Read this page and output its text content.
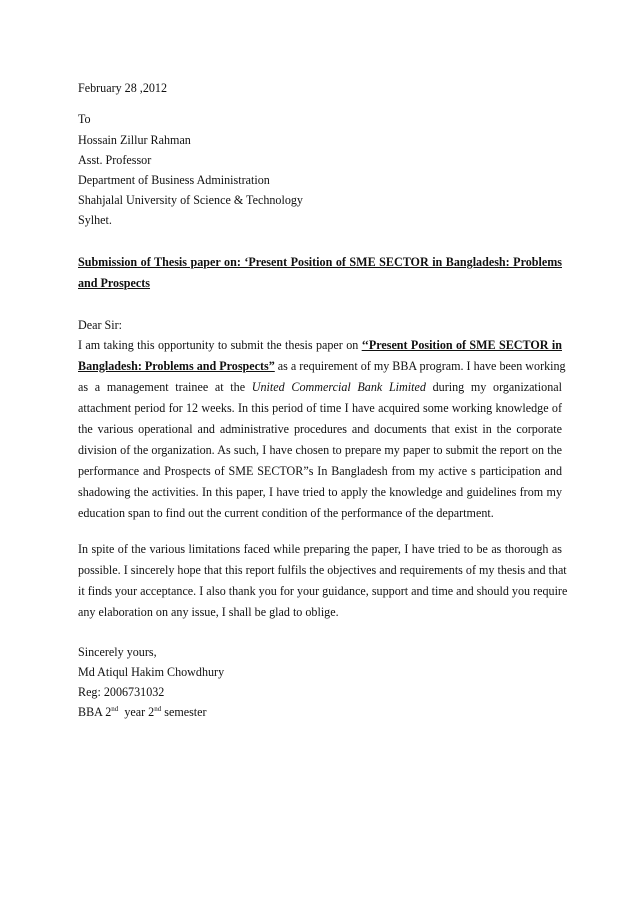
February 28 ,2012
To
Hossain Zillur Rahman
Asst. Professor
Department of Business Administration
Shahjalal University of Science & Technology
Sylhet.
Submission of Thesis paper on: ‘Present Position of SME SECTOR in Bangladesh: Problems
and Prospects
Dear Sir:
I am taking this opportunity to submit the thesis paper on ‘‘Present Position of SME SECTOR in
Bangladesh: Problems and Prospects” as a requirement of my BBA program. I have been working
as a management trainee at the United Commercial Bank Limited during my organizational
attachment period for 12 weeks. In this period of time I have acquired some working knowledge of
the various operational and administrative procedures and documents that exist in the corporate
division of the organization. As such, I have chosen to prepare my paper to submit the report on the
performance and Prospects of SME SECTOR”s In Bangladesh from my active s participation and
shadowing the activities. In this paper, I have tried to apply the knowledge and guidelines from my
education span to find out the current condition of the performance of the department.
In spite of the various limitations faced while preparing the paper, I have tried to be as thorough as
possible. I sincerely hope that this report fulfils the objectives and requirements of my thesis and that
it finds your acceptance. I also thank you for your guidance, support and time and should you require
any elaboration on any issue, I shall be glad to oblige.
Sincerely yours,
Md Atiqul Hakim Chowdhury
Reg: 2006731032
BBA 2nd  year 2nd semester
